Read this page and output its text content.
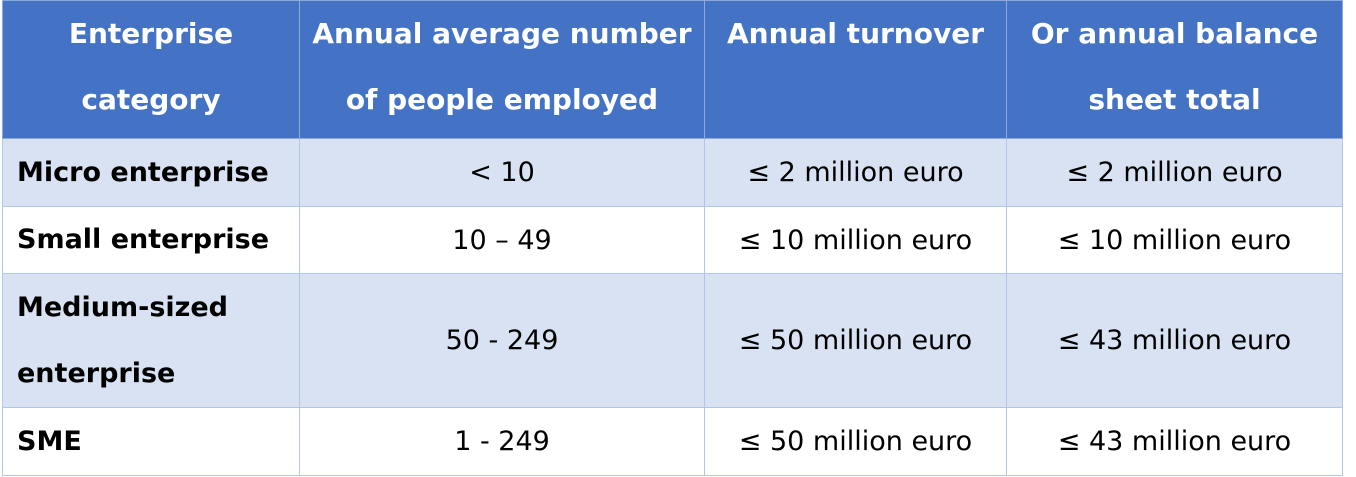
Enterprise category	Annual average number of people employed	Annual turnover	Or annual balance sheet total
Micro enterprise	< 10	≤ 2 million euro	≤ 2 million euro
Small enterprise	10 – 49	≤ 10 million euro	≤ 10 million euro
Medium-sized enterprise	50 - 249	≤ 50 million euro	≤ 43 million euro
SME	1 - 249	≤ 50 million euro	≤ 43 million euro
